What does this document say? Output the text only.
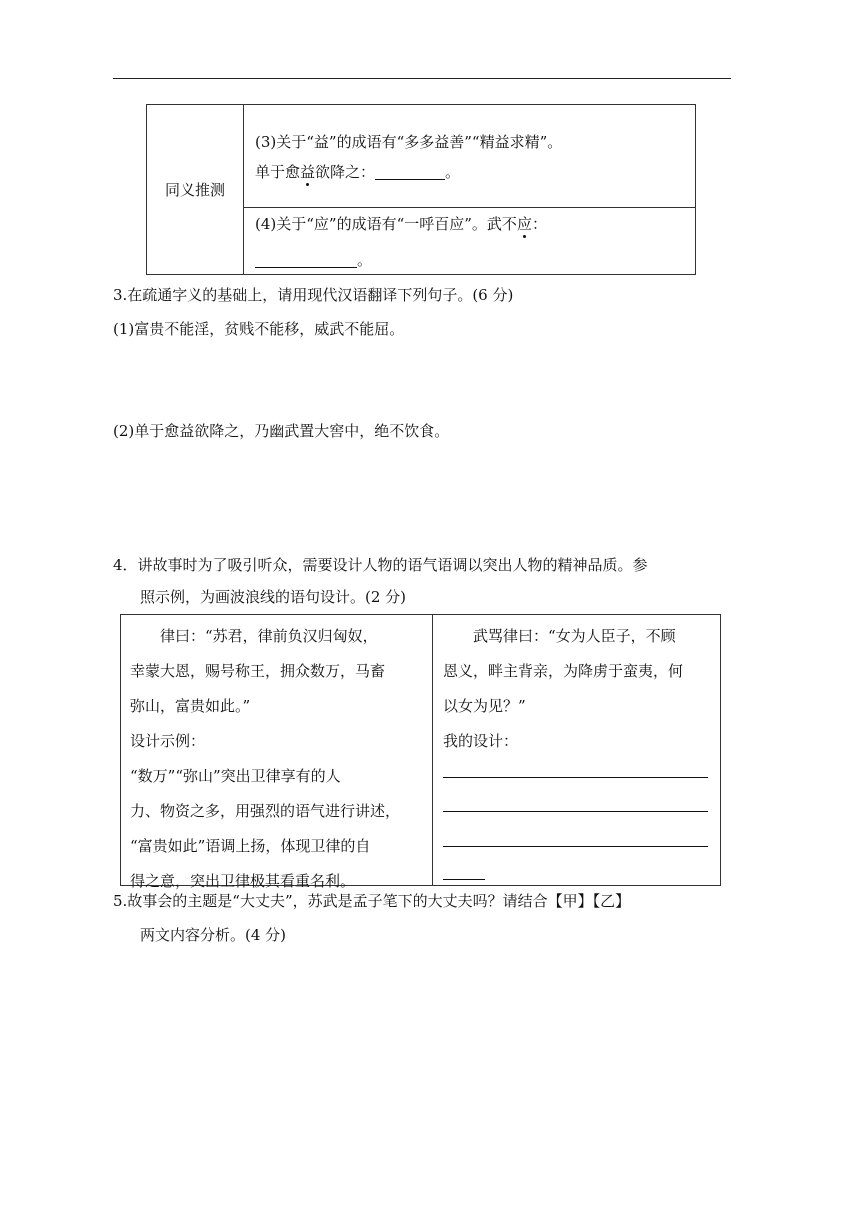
同义推测
(3)关于“益”的成语有“多多益善”“精益求精”。
单于愈益欲降之：	。
(4)关于“应”的成语有“一呼百应”。武不应：
。
3.在疏通字义的基础上，请用现代汉语翻译下列句子。(6 分)
(1)富贵不能淫，贫贱不能移，威武不能屈。
(2)单于愈益欲降之，乃幽武置大窖中，绝不饮食。
4．讲故事时为了吸引听众，需要设计人物的语气语调以突出人物的精神品质。参
照示例，为画波浪线的语句设计。(2 分)
　　律曰：“苏君，律前负汉归匈奴，
幸蒙大恩，赐号称王，拥众数万，马畜
弥山，富贵如此。”
设计示例：
“数万”“弥山”突出卫律享有的人
力、物资之多，用强烈的语气进行讲述，
“富贵如此”语调上扬，体现卫律的自
得之意，突出卫律极其看重名利。
　　武骂律曰：“女为人臣子，不顾
恩义，畔主背亲，为降虏于蛮夷，何
以女为见？”
我的设计：
5.故事会的主题是“大丈夫”，苏武是孟子笔下的大丈夫吗？请结合【甲】【乙】
两文内容分析。(4 分)
